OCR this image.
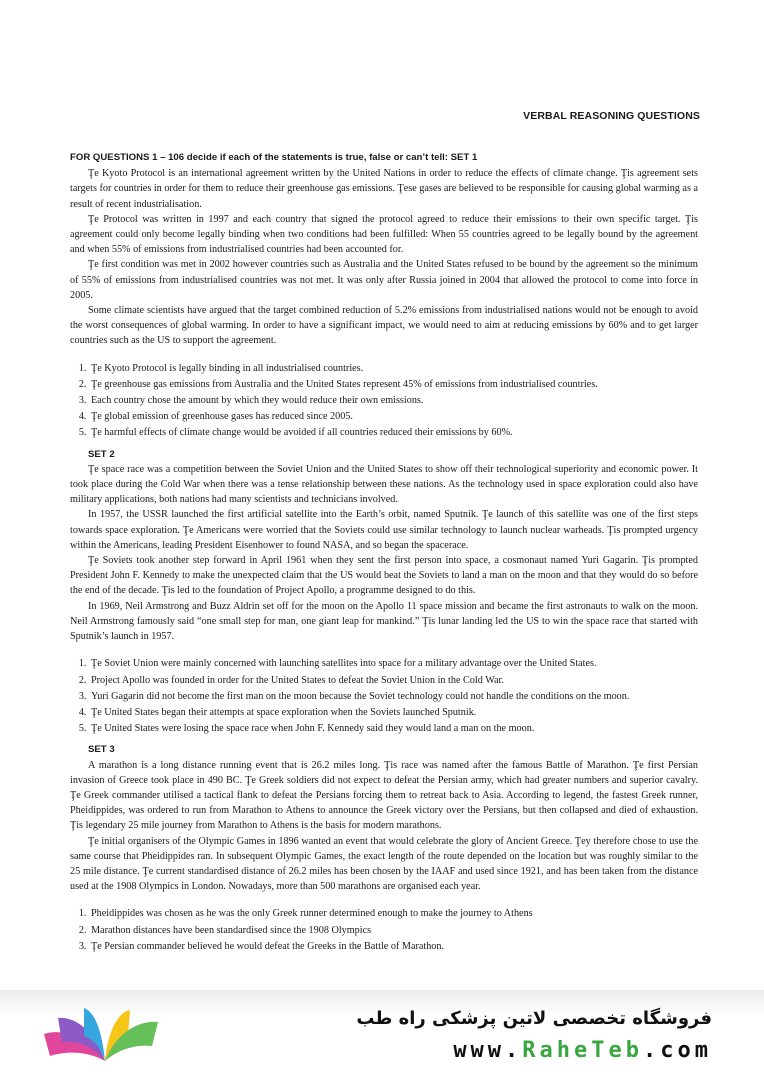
VERBAL REASONING QUESTIONS
FOR QUESTIONS 1 – 106 decide if each of the statements is true, false or can’t tell: SET 1

Ţe Kyoto Protocol is an international agreement written by the United Nations in order to reduce the effects of climate change. Ţis agreement sets targets for countries in order for them to reduce their greenhouse gas emissions. Ţese gases are believed to be responsible for causing global warming as a result of recent industrialisation.

Ţe Protocol was written in 1997 and each country that signed the protocol agreed to reduce their emissions to their own specific target. Ţis agreement could only become legally binding when two conditions had been fulfilled: When 55 countries agreed to be legally bound by the agreement and when 55% of emissions from industrialised countries had been accounted for.

Ţe first condition was met in 2002 however countries such as Australia and the United States refused to be bound by the agreement so the minimum of 55% of emissions from industrialised countries was not met. It was only after Russia joined in 2004 that allowed the protocol to come into force in 2005.

Some climate scientists have argued that the target combined reduction of 5.2% emissions from industrialised nations would not be enough to avoid the worst consequences of global warming. In order to have a significant impact, we would need to aim at reducing emissions by 60% and to get larger countries such as the US to support the agreement.

1. Ţe Kyoto Protocol is legally binding in all industrialised countries.
2. Ţe greenhouse gas emissions from Australia and the United States represent 45% of emissions from industrialised countries.
3. Each country chose the amount by which they would reduce their own emissions.
4. Ţe global emission of greenhouse gases has reduced since 2005.
5. Ţe harmful effects of climate change would be avoided if all countries reduced their emissions by 60%.
SET 2

Ţe space race was a competition between the Soviet Union and the United States to show off their technological superiority and economic power. It took place during the Cold War when there was a tense relationship between these nations. As the technology used in space exploration could also have military applications, both nations had many scientists and technicians involved.

In 1957, the USSR launched the first artificial satellite into the Earth’s orbit, named Sputnik. Ţe launch of this satellite was one of the first steps towards space exploration. Ţe Americans were worried that the Soviets could use similar technology to launch nuclear warheads. Ţis prompted urgency within the Americans, leading President Eisenhower to found NASA, and so began the spacerace.

Ţe Soviets took another step forward in April 1961 when they sent the first person into space, a cosmonaut named Yuri Gagarin. Ţis prompted President John F. Kennedy to make the unexpected claim that the US would beat the Soviets to land a man on the moon and that they would do so before the end of the decade. Ţis led to the foundation of Project Apollo, a programme designed to do this.

In 1969, Neil Armstrong and Buzz Aldrin set off for the moon on the Apollo 11 space mission and became the first astronauts to walk on the moon. Neil Armstrong famously said “one small step for man, one giant leap for mankind.” Ţis lunar landing led the US to win the space race that started with Sputnik’s launch in 1957.

1. Ţe Soviet Union were mainly concerned with launching satellites into space for a military advantage over the United States.
2. Project Apollo was founded in order for the United States to defeat the Soviet Union in the Cold War.
3. Yuri Gagarin did not become the first man on the moon because the Soviet technology could not handle the conditions on the moon.
4. Ţe United States began their attempts at space exploration when the Soviets launched Sputnik.
5. Ţe United States were losing the space race when John F. Kennedy said they would land a man on the moon.
SET 3

A marathon is a long distance running event that is 26.2 miles long. Ţis race was named after the famous Battle of Marathon. Ţe first Persian invasion of Greece took place in 490 BC. Ţe Greek soldiers did not expect to defeat the Persian army, which had greater numbers and superior cavalry. Ţe Greek commander utilised a tactical flank to defeat the Persians forcing them to retreat back to Asia. According to legend, the fastest Greek runner, Pheidippides, was ordered to run from Marathon to Athens to announce the Greek victory over the Persians, but then collapsed and died of exhaustion. Ţis legendary 25 mile journey from Marathon to Athens is the basis for modern marathons.

Ţe initial organisers of the Olympic Games in 1896 wanted an event that would celebrate the glory of Ancient Greece. Ţey therefore chose to use the same course that Pheidippides ran. In subsequent Olympic Games, the exact length of the route depended on the location but was roughly similar to the 25 mile distance. Ţe current standardised distance of 26.2 miles has been chosen by the IAAF and used since 1921, and has been taken from the distance used at the 1908 Olympics in London. Nowadays, more than 500 marathons are organised each year.

1. Pheidippides was chosen as he was the only Greek runner determined enough to make the journey to Athens
2. Marathon distances have been standardised since the 1908 Olympics
3. Ţe Persian commander believed he would defeat the Greeks in the Battle of Marathon.
فروشگاه تخصصی لاتین پزشکی راه طب
www.RaheTeb.com
